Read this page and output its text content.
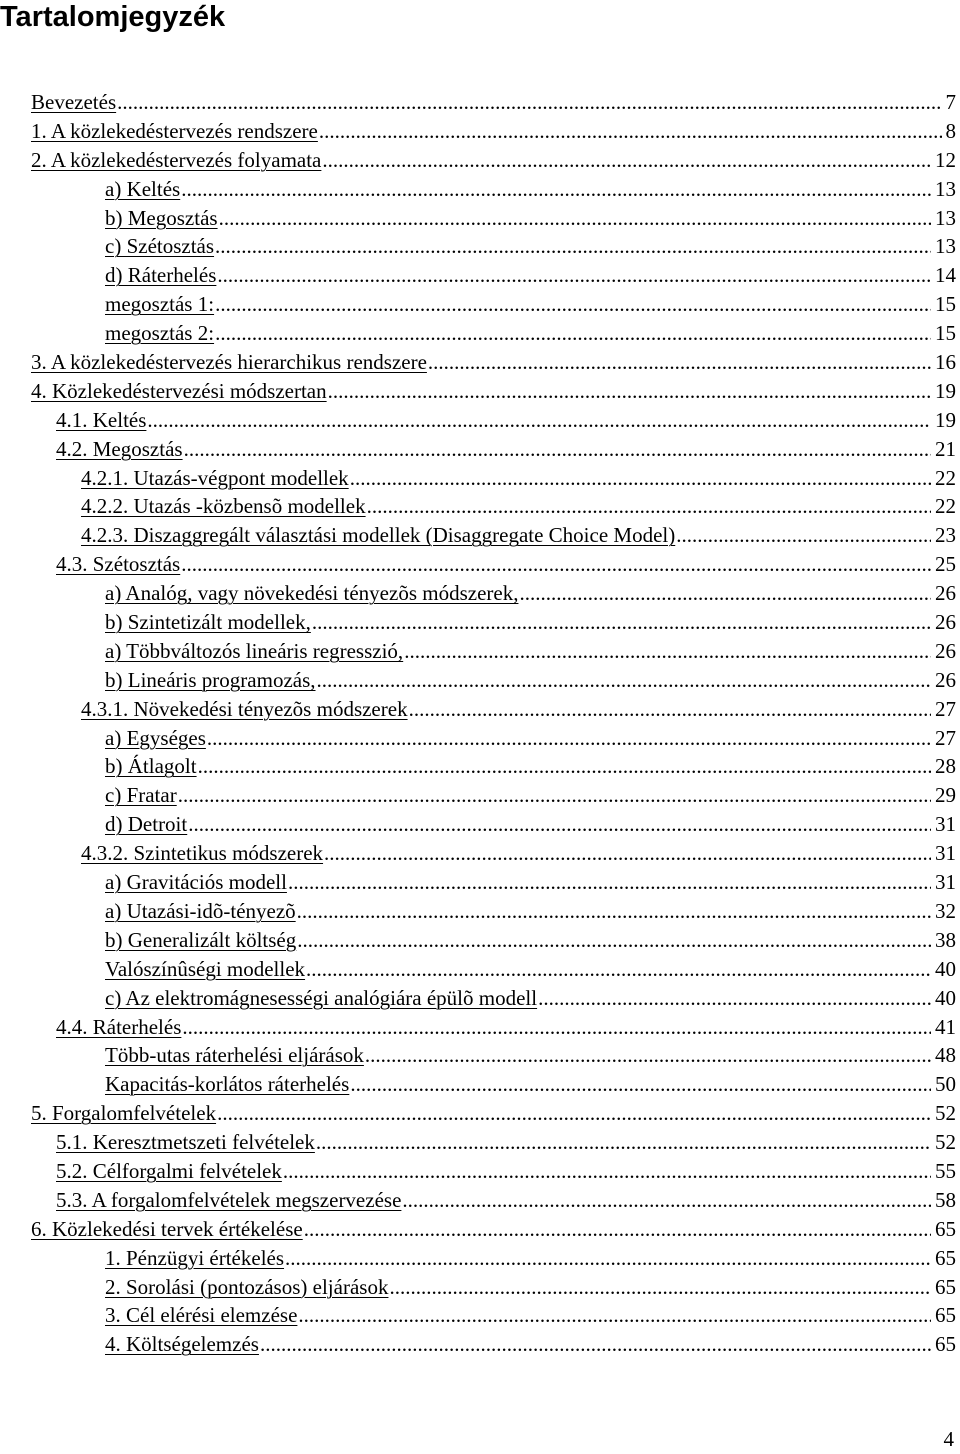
Tartalomjegyzék
Bevezetés .....	7
1. A közlekedéstervezés rendszere .....	8
2. A közlekedéstervezés folyamata .....	12
a) Keltés .....	13
b) Megosztás .....	13
c) Szétosztás .....	13
d) Ráterhelés .....	14
megosztás 1: .....	15
megosztás 2: .....	15
3. A közlekedéstervezés hierarchikus rendszere .....	16
4. Közlekedéstervezési módszertan .....	19
4.1. Keltés .....	19
4.2. Megosztás .....	21
4.2.1. Utazás-végpont modellek .....	22
4.2.2. Utazás -közbensõ modellek .....	22
4.2.3. Diszaggregált választási modellek (Disaggregate Choice Model) .....	23
4.3. Szétosztás .....	25
a) Analóg, vagy növekedési tényezõs módszerek, .....	26
b) Szintetizált modellek, .....	26
a) Többváltozós lineáris regresszió, .....	26
b) Lineáris programozás, .....	26
4.3.1. Növekedési tényezõs módszerek .....	27
a) Egységes .....	27
b) Átlagolt .....	28
c) Fratar .....	29
d) Detroit .....	31
4.3.2. Szintetikus módszerek .....	31
a) Gravitációs modell .....	31
a) Utazási-idõ-tényezõ .....	32
b) Generalizált költség .....	38
Valószínûségi modellek .....	40
c) Az elektromágnesességi analógiára épülõ modell .....	40
4.4. Ráterhelés .....	41
Több-utas ráterhelési eljárások .....	48
Kapacitás-korlátos ráterhelés .....	50
5. Forgalomfelvételek .....	52
5.1. Keresztmetszeti felvételek .....	52
5.2. Célforgalmi felvételek .....	55
5.3. A forgalomfelvételek megszervezése .....	58
6. Közlekedési tervek értékelése .....	65
1. Pénzügyi értékelés .....	65
2. Sorolási (pontozásos) eljárások .....	65
3. Cél elérési elemzése .....	65
4. Költségelemzés .....	65
4
